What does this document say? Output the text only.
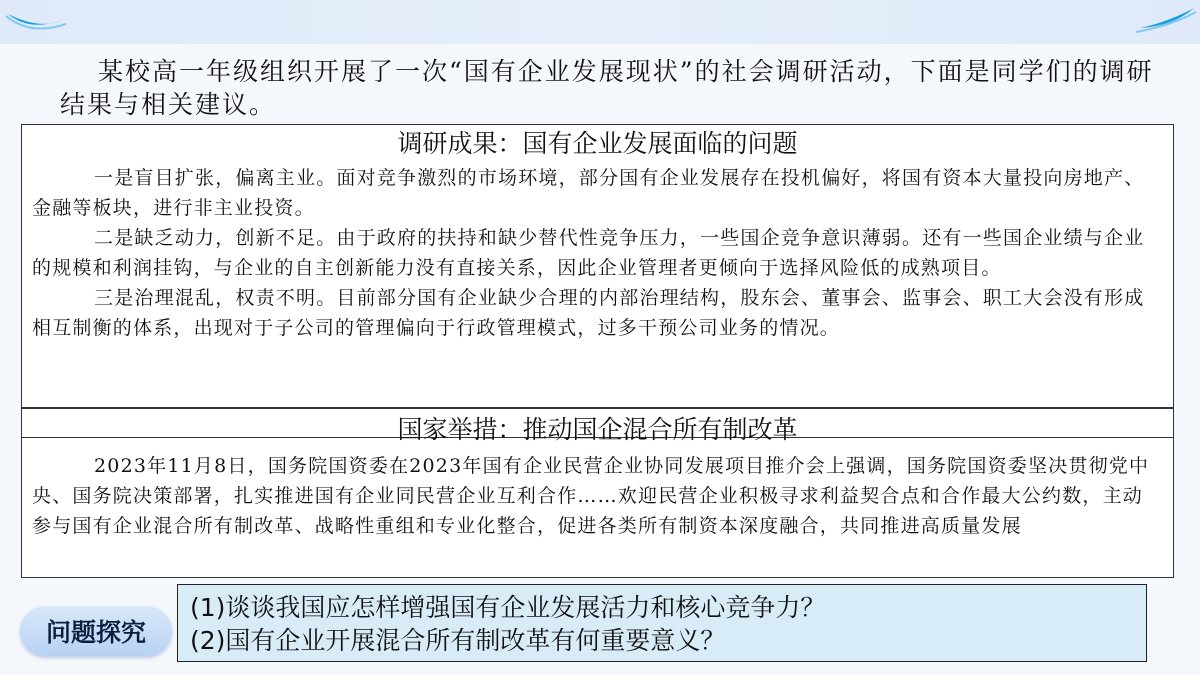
某校高一年级组织开展了一次“国有企业发展现状”的社会调研活动，下面是同学们的调研结果与相关建议。
调研成果：国有企业发展面临的问题

一是盲目扩张，偏离主业。面对竞争激烈的市场环境，部分国有企业发展存在投机偏好，将国有资本大量投向房地产、金融等板块，进行非主业投资。

二是缺乏动力，创新不足。由于政府的扶持和缺少替代性竞争压力，一些国企竞争意识薄弱。还有一些国企业绩与企业的规模和利润挂钩，与企业的自主创新能力没有直接关系，因此企业管理者更倾向于选择风险低的成熟项目。

三是治理混乱，权责不明。目前部分国有企业缺少合理的内部治理结构，股东会、董事会、监事会、职工大会没有形成相互制衡的体系，出现对于子公司的管理偏向于行政管理模式，过多干预公司业务的情况。

国家举措：推动国企混合所有制改革

2023年11月8日，国务院国资委在2023年国有企业民营企业协同发展项目推介会上强调，国务院国资委坚决贯彻党中央、国务院决策部署，扎实推进国有企业同民营企业互利合作……欢迎民营企业积极寻求利益契合点和合作最大公约数，主动参与国有企业混合所有制改革、战略性重组和专业化整合，促进各类所有制资本深度融合，共同推进高质量发展

问题探究
(1)谈谈我国应怎样增强国有企业发展活力和核心竞争力？
(2)国有企业开展混合所有制改革有何重要意义？
